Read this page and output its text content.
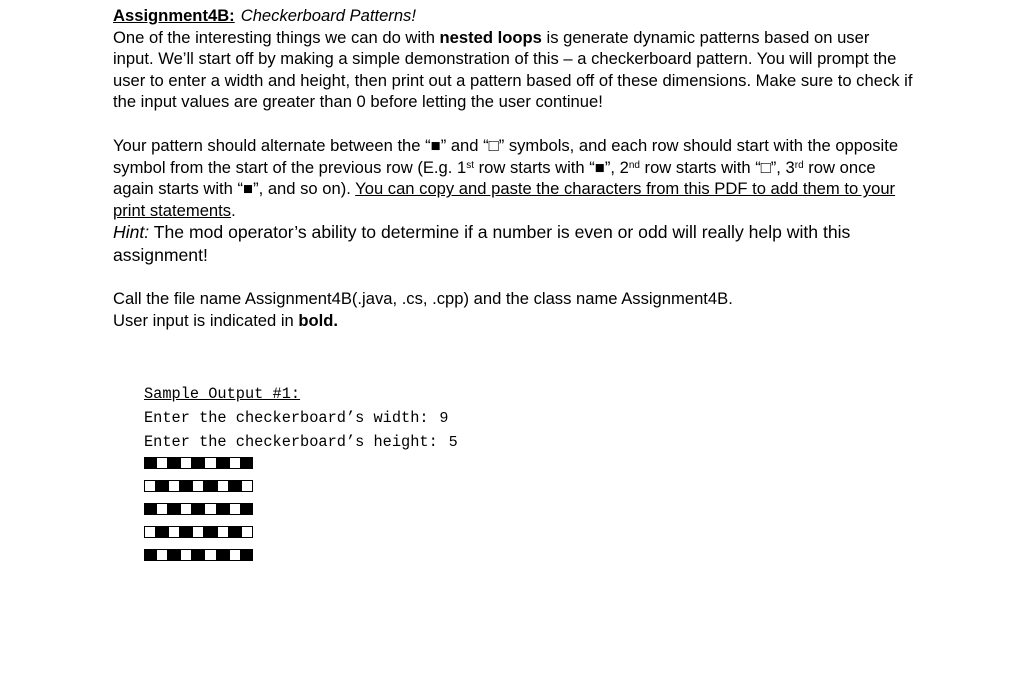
Assignment4B: Checkerboard Patterns!

One of the interesting things we can do with nested loops is generate dynamic patterns based on user input. We’ll start off by making a simple demonstration of this – a checkerboard pattern. You will prompt the user to enter a width and height, then print out a pattern based off of these dimensions. Make sure to check if the input values are greater than 0 before letting the user continue!

Your pattern should alternate between the “■” and “□” symbols, and each row should start with the opposite symbol from the start of the previous row (E.g. 1st row starts with “■”, 2nd row starts with “□”, 3rd row once again starts with “■”, and so on). You can copy and paste the characters from this PDF to add them to your print statements.

Hint: The mod operator’s ability to determine if a number is even or odd will really help with this assignment!

Call the file name Assignment4B(.java, .cs, .cpp) and the class name Assignment4B.
User input is indicated in bold.

Sample Output #1:
Enter the checkerboard’s width: 9
Enter the checkerboard’s height: 5
